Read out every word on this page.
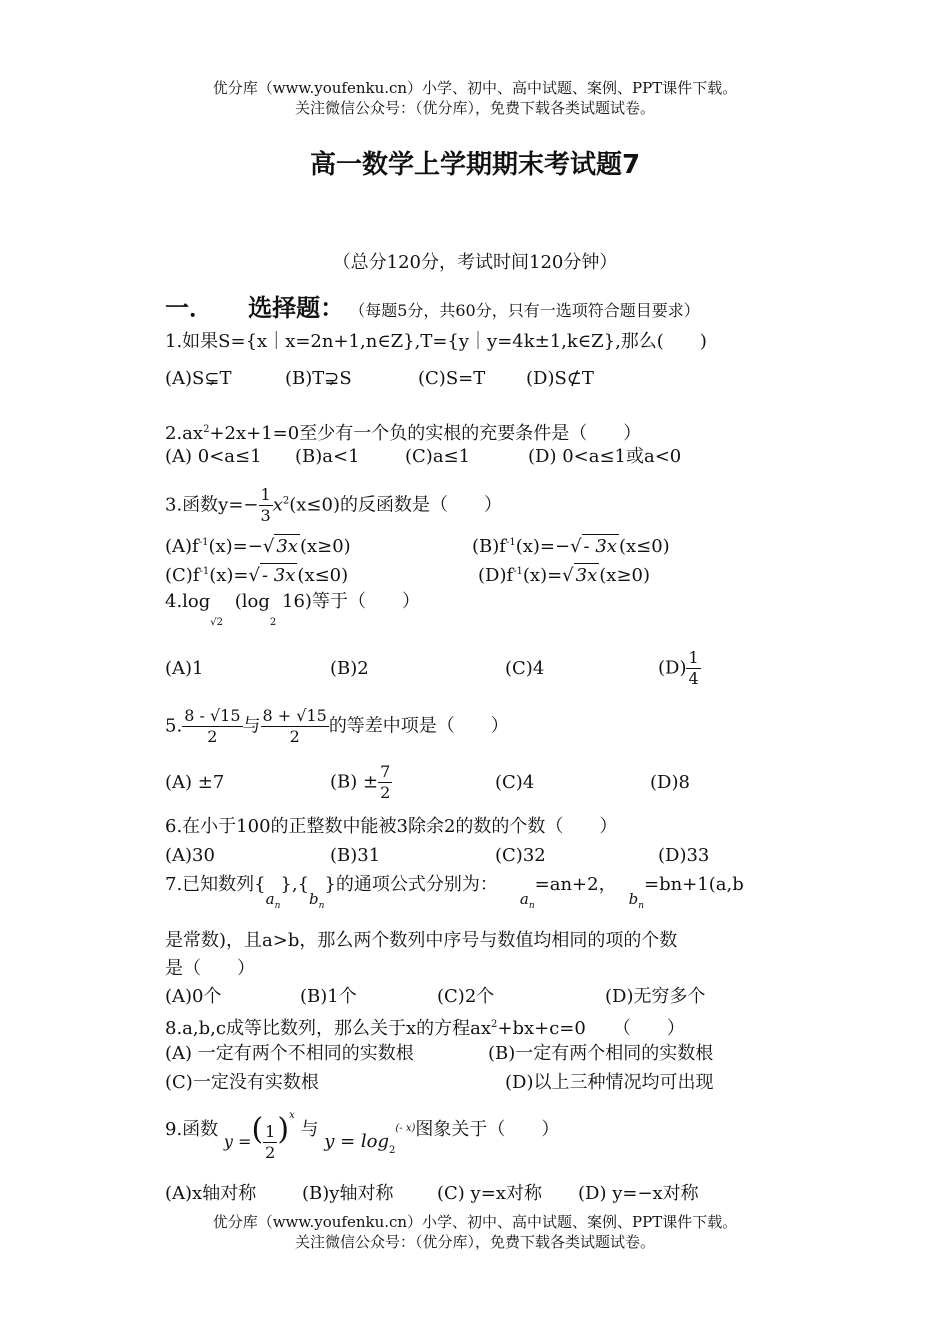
优分库（www.youfenku.cn）小学、初中、高中试题、案例、PPT课件下载。
关注微信公众号：（优分库），免费下载各类试题试卷。
高一数学上学期期末考试题7
（总分120分，考试时间120分钟）
一． 选择题： （每题5分，共60分，只有一选项符合题目要求）
1.如果S={x｜x=2n+1,n∈Z},T={y｜y=4k±1,k∈Z},那么(　　)
(A)S⊊T	(B)T⊋S	(C)S=T (D)S⊄T
$2.ax^2+2x+1=0$至少有一个负的实根的充要条件是（　　）
(A) 0<a≤1 (B)a<1	(C)a≤1	(D) 0<a≤1或a<0
3.函数$y=- \frac{1}{3} x^2(x\le 0)$的反函数是（　　）
$(A)f^{-1}(x)=-√$ 3x (x≥0)	$(B)f^{-1}(x)=-√ - 3x$ (x≤0)
$(C)f^{-1}(x)=√ - 3x$ (x≤0)	$(D)f^{-1}(x)=√$ 3x (x≥0)
$4.\log_{√2}$ ($\log_2$ 16)等于（　　）
(A)1	(B)2	(C)4	$(D) \frac{1}{4}$
5. $\frac{8 - √15}{2}$ 与 $\frac{8 + √15}{2}$ 的等差中项是（　　）
(A) ±7	$(B) \pm \frac{7}{2}$	(C)4	(D)8
6.在小于100的正整数中能被3除余2的数的个数（　　）
(A)30	(B)31	(C)32	(D)33
7.已知数列$\{_{an}\},\{_{bn}\}$的通项公式分别为：$_{an}$=an+2，$_{bn}$=bn+1(a,b
是常数)，且a>b，那么两个数列中序号与数值均相同的项的个数
是（　　）
(A)0个	(B)1个	(C)2个	(D)无穷多个
8.a,b,c成等比数列，那么关于x的方程$ax^2+bx+c=0$　　（　　）
(A) 一定有两个不相同的实数根	(B)一定有两个相同的实数根
(C)一定没有实数根	(D)以上三种情况均可出现
9.函数 y =( $\frac{1}{2} )^x$ 与 $y = \log_2^{(- x)}$图象关于（　　）
(A)x轴对称	(B)y轴对称 (C) y=x对称 (D) y=−x对称
优分库（www.youfenku.cn）小学、初中、高中试题、案例、PPT课件下载。
关注微信公众号：（优分库），免费下载各类试题试卷。
